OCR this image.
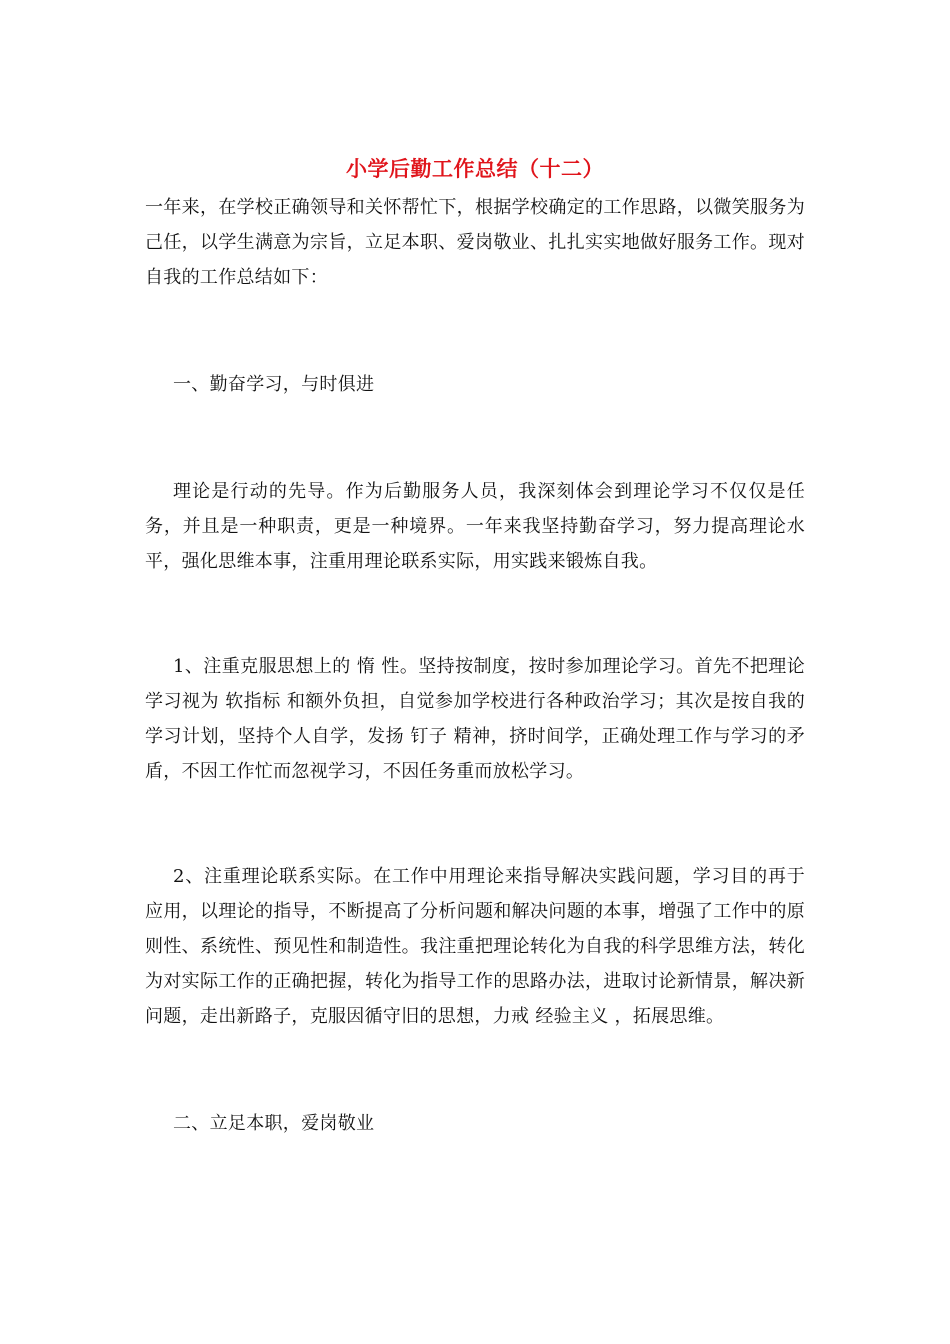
小学后勤工作总结（十二）

一年来，在学校正确领导和关怀帮忙下，根据学校确定的工作思路，以微笑服务为己任，以学生满意为宗旨，立足本职、爱岗敬业、扎扎实实地做好服务工作。现对自我的工作总结如下：

一、勤奋学习，与时俱进

理论是行动的先导。作为后勤服务人员，我深刻体会到理论学习不仅仅是任务，并且是一种职责，更是一种境界。一年来我坚持勤奋学习，努力提高理论水平，强化思维本事，注重用理论联系实际，用实践来锻炼自我。

1、注重克服思想上的 惰 性。坚持按制度，按时参加理论学习。首先不把理论学习视为 软指标 和额外负担，自觉参加学校进行各种政治学习；其次是按自我的学习计划，坚持个人自学，发扬 钉子 精神，挤时间学，正确处理工作与学习的矛盾，不因工作忙而忽视学习，不因任务重而放松学习。

2、注重理论联系实际。在工作中用理论来指导解决实践问题，学习目的再于应用，以理论的指导，不断提高了分析问题和解决问题的本事，增强了工作中的原则性、系统性、预见性和制造性。我注重把理论转化为自我的科学思维方法，转化为对实际工作的正确把握，转化为指导工作的思路办法，进取讨论新情景，解决新问题，走出新路子，克服因循守旧的思想，力戒 经验主义 ，拓展思维。

二、立足本职，爱岗敬业
